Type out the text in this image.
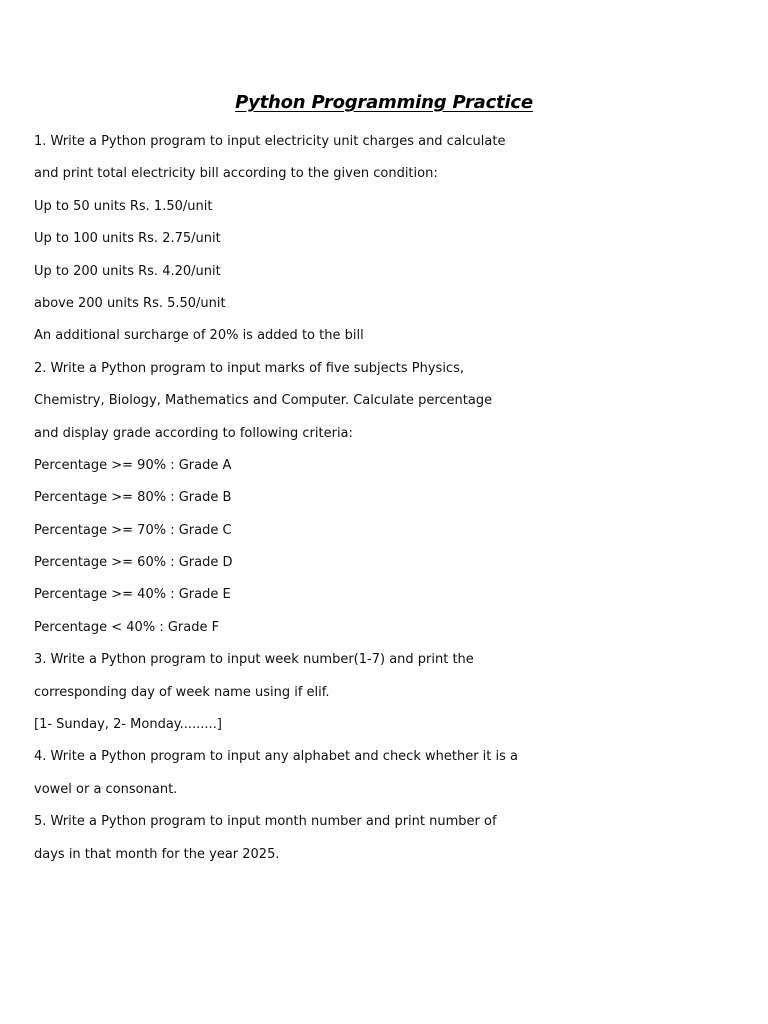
Python Programming Practice
1. Write a Python program to input electricity unit charges and calculate
and print total electricity bill according to the given condition:
Up to 50 units Rs. 1.50/unit
Up to 100 units Rs. 2.75/unit
Up to 200 units Rs. 4.20/unit
above 200 units Rs. 5.50/unit
An additional surcharge of 20% is added to the bill
2. Write a Python program to input marks of five subjects Physics,
Chemistry, Biology, Mathematics and Computer. Calculate percentage
and display grade according to following criteria:
Percentage >= 90% : Grade A
Percentage >= 80% : Grade B
Percentage >= 70% : Grade C
Percentage >= 60% : Grade D
Percentage >= 40% : Grade E
Percentage < 40% : Grade F
3. Write a Python program to input week number(1-7) and print the
corresponding day of week name using if elif.
[1- Sunday, 2- Monday.........]
4. Write a Python program to input any alphabet and check whether it is a
vowel or a consonant.
5. Write a Python program to input month number and print number of
days in that month for the year 2025.
